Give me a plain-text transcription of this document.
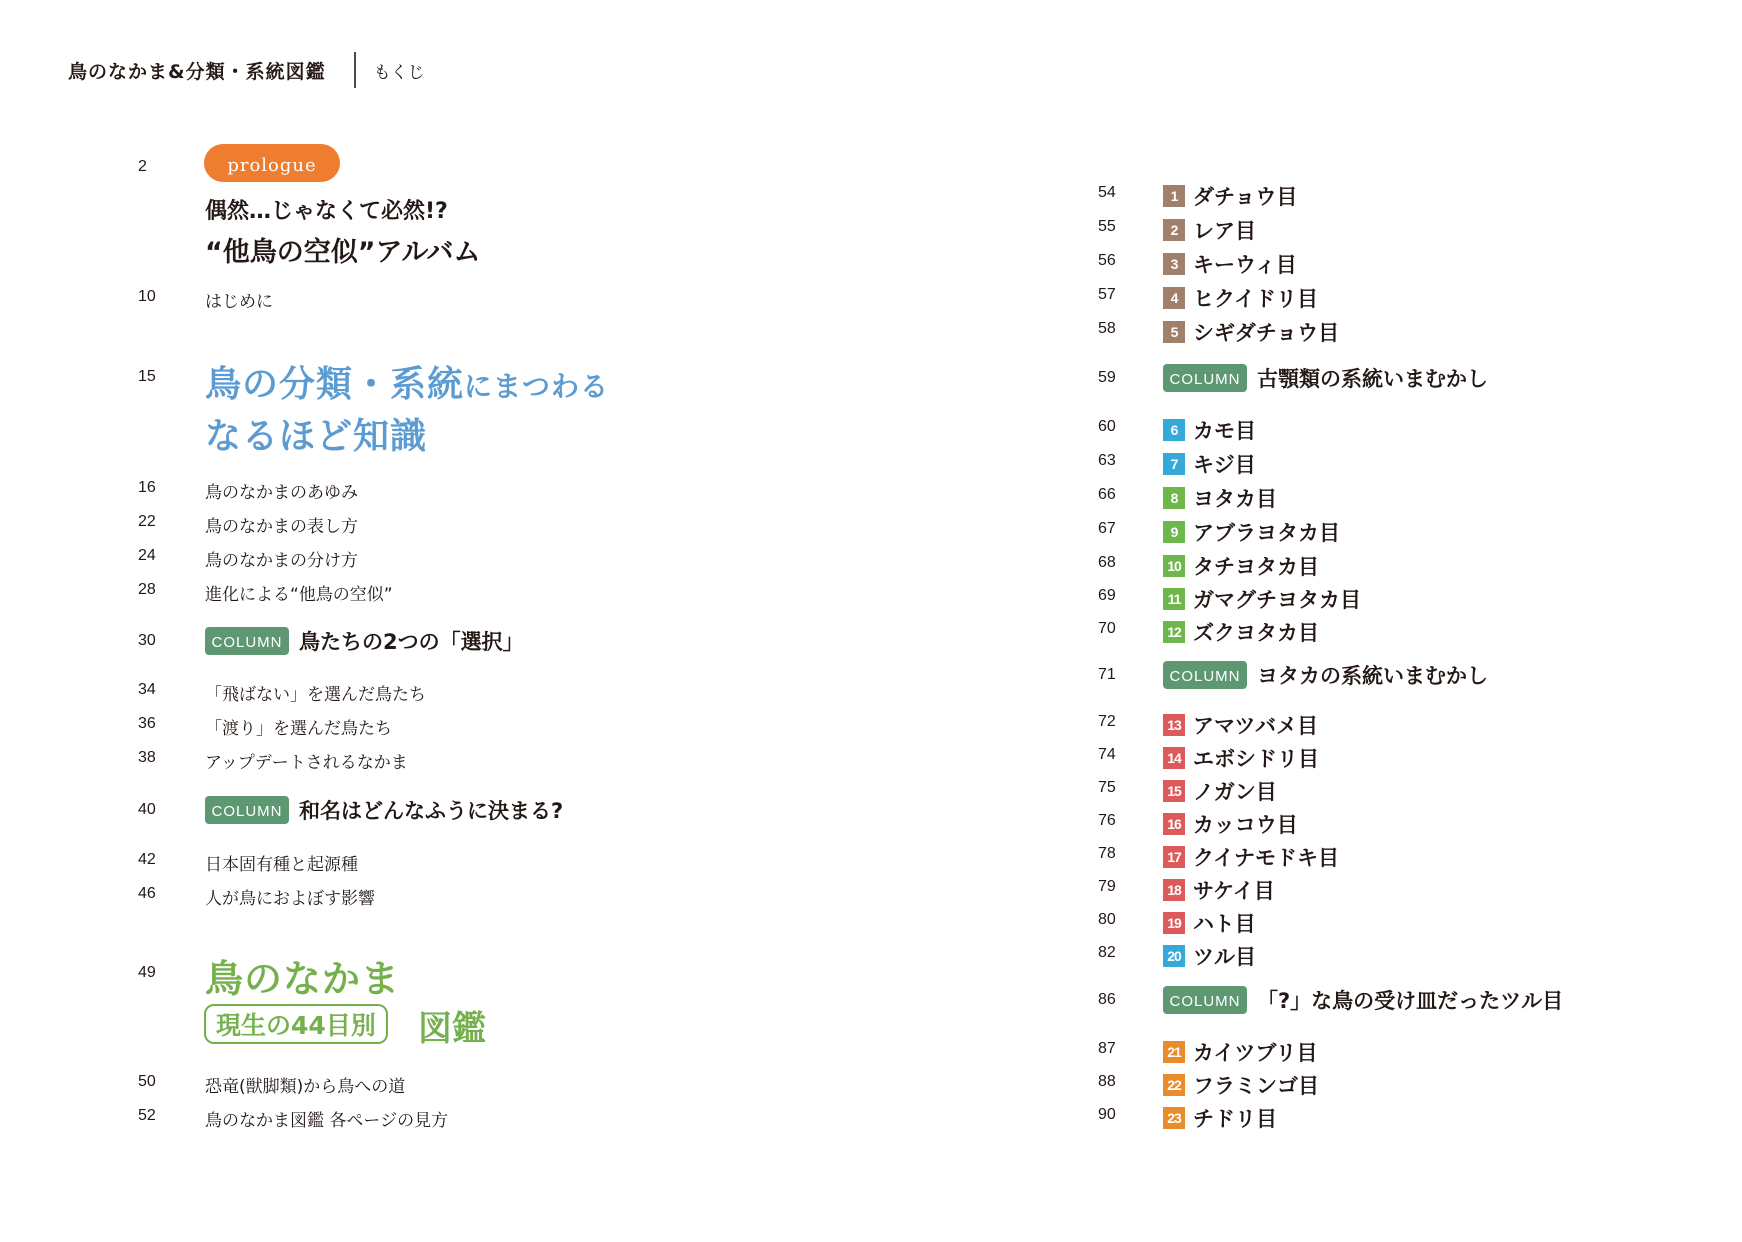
鳥のなかま&分類・系統図鑑	もくじ
2	prologue
偶然…じゃなくて必然!?
“他鳥の空似”アルバム
10	はじめに
15	鳥の分類・系統にまつわる
なるほど知識
16	鳥のなかまのあゆみ
22	鳥のなかまの表し方
24	鳥のなかまの分け方
28	進化による“他鳥の空似”
30	COLUMN 鳥たちの2つの「選択」
34	「飛ばない」を選んだ鳥たち
36	「渡り」を選んだ鳥たち
38	アップデートされるなかま
40	COLUMN 和名はどんなふうに決まる?
42	日本固有種と起源種
46	人が鳥におよぼす影響
49	鳥のなかま
現生の44目別	図鑑
50	恐竜(獣脚類)から鳥への道
52	鳥のなかま図鑑 各ページの見方
54	1 ダチョウ目
55	2 レア目
56	3 キーウィ目
57	4 ヒクイドリ目
58	5 シギダチョウ目
59	COLUMN 古顎類の系統いまむかし
60	6 カモ目
63	7 キジ目
66	8 ヨタカ目
67	9 アブラヨタカ目
68	10 タチヨタカ目
69	11 ガマグチヨタカ目
70	12 ズクヨタカ目
71	COLUMN ヨタカの系統いまむかし
72	13 アマツバメ目
74	14 エボシドリ目
75	15 ノガン目
76	16 カッコウ目
78	17 クイナモドキ目
79	18 サケイ目
80	19 ハト目
82	20 ツル目
86	COLUMN 「?」な鳥の受け皿だったツル目
87	21 カイツブリ目
88	22 フラミンゴ目
90	23 チドリ目
